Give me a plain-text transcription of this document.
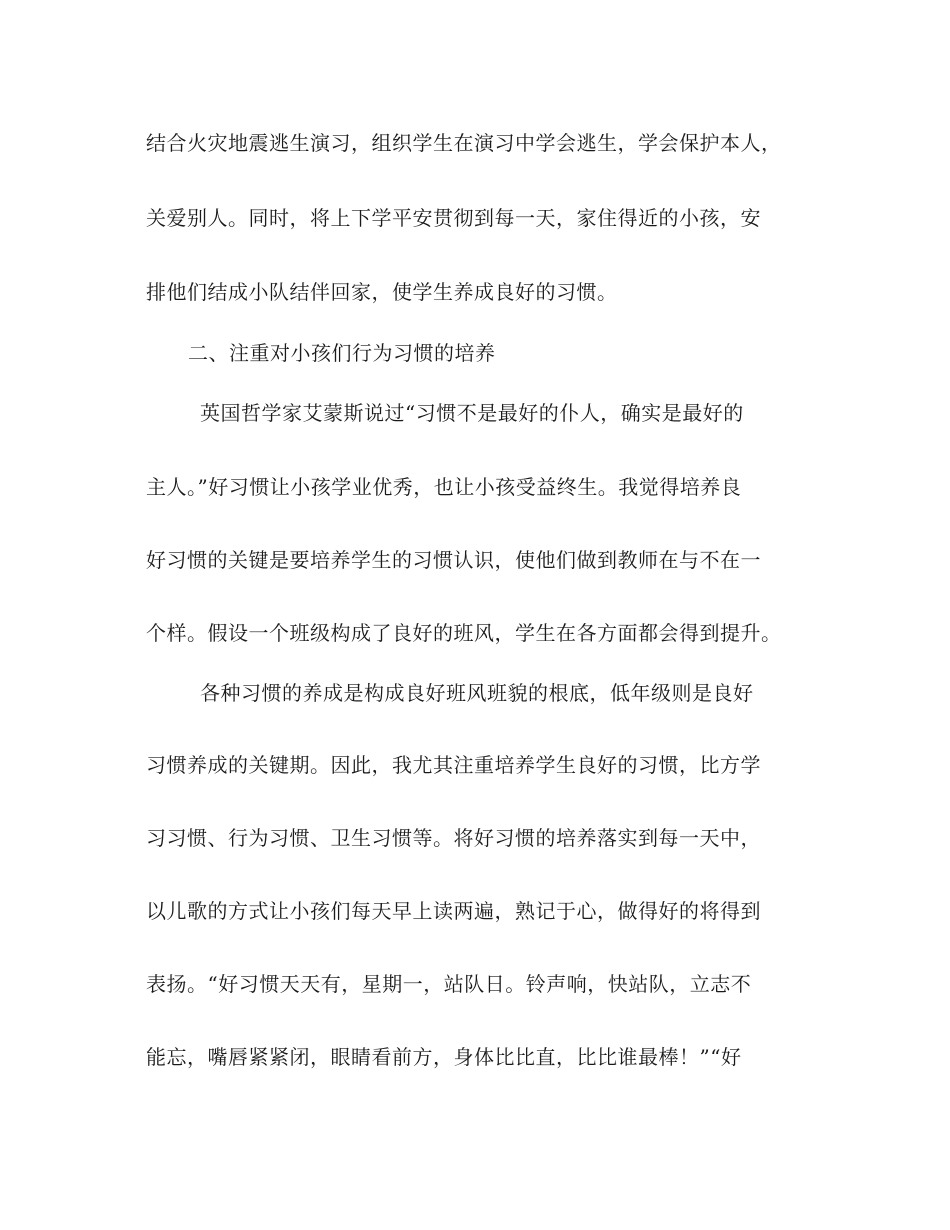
结合火灾地震逃生演习，组织学生在演习中学会逃生，学会保护本人，
关爱别人。同时，将上下学平安贯彻到每一天，家住得近的小孩，安
排他们结成小队结伴回家，使学生养成良好的习惯。
二、注重对小孩们行为习惯的培养
英国哲学家艾蒙斯说过“习惯不是最好的仆人，确实是最好的
主人。”好习惯让小孩学业优秀，也让小孩受益终生。我觉得培养良
好习惯的关键是要培养学生的习惯认识，使他们做到教师在与不在一
个样。假设一个班级构成了良好的班风，学生在各方面都会得到提升。
各种习惯的养成是构成良好班风班貌的根底，低年级则是良好
习惯养成的关键期。因此，我尤其注重培养学生良好的习惯，比方学
习习惯、行为习惯、卫生习惯等。将好习惯的培养落实到每一天中，
以儿歌的方式让小孩们每天早上读两遍，熟记于心，做得好的将得到
表扬。“好习惯天天有，星期一，站队日。铃声响，快站队，立志不
能忘，嘴唇紧紧闭，眼睛看前方，身体比比直，比比谁最棒！”“好
